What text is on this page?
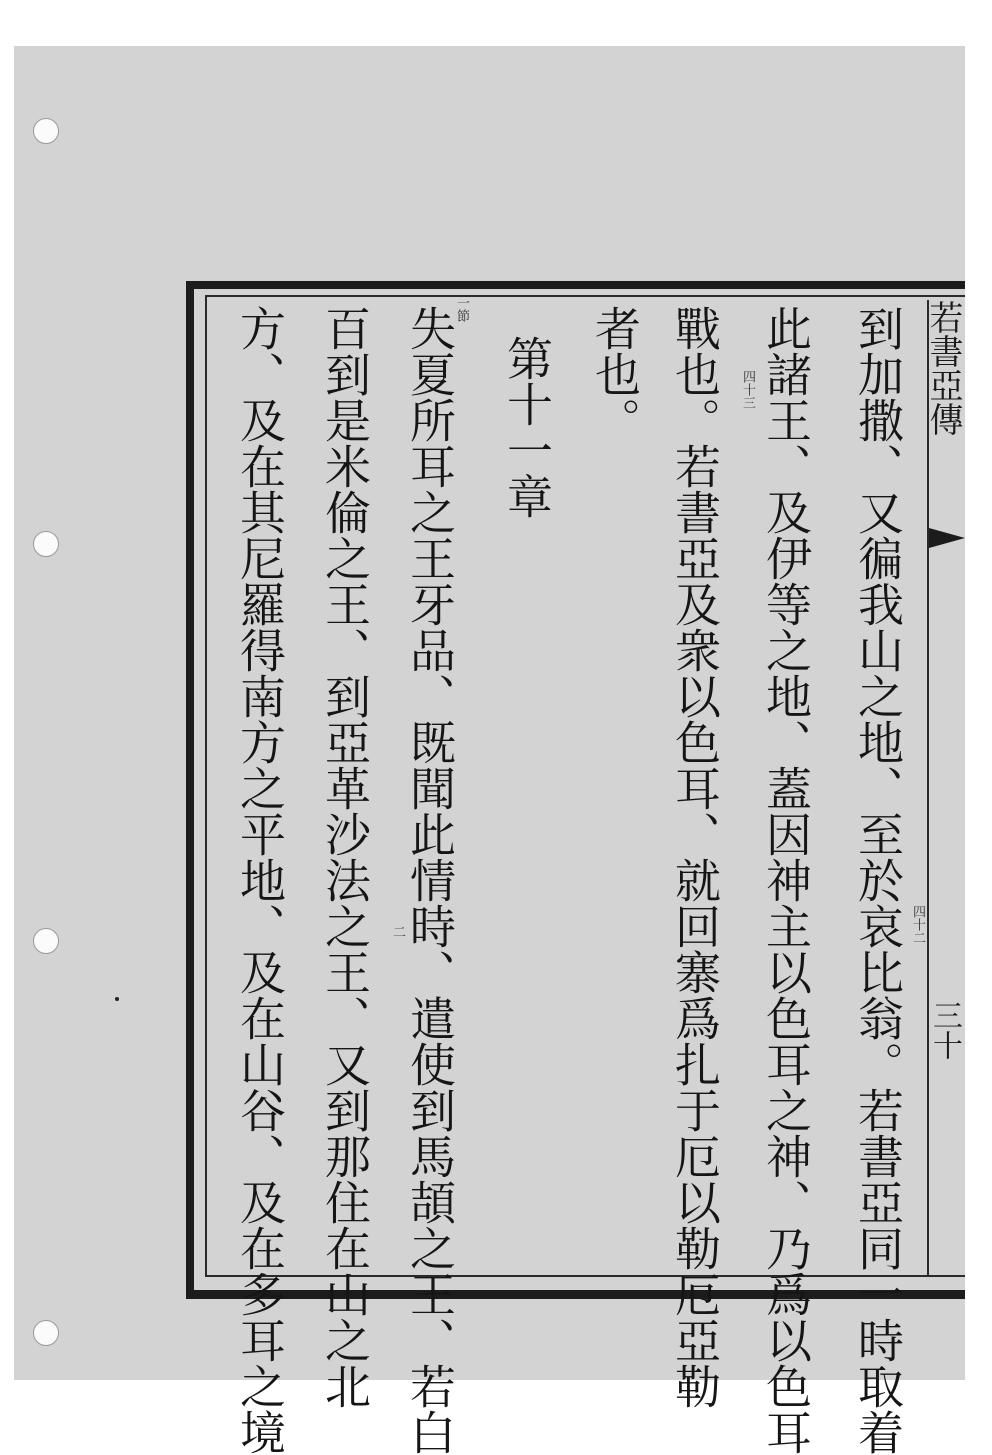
若書亞傳
三十
到加撒、又徧我山之地、至於哀比翁。若書亞同一時取着
此諸王、及伊等之地、蓋因神主以色耳之神、乃爲以色耳
戰也。若書亞及衆以色耳、就回寨爲扎于厄以勒厄亞勒
者也。
第十一章
失夏所耳之王牙品、既聞此情時、遣使到馬頡之王、若白
百到是米倫之王、到亞革沙法之王、又到那住在山之北
方、及在其尼羅得南方之平地、及在山谷、及在多耳之境	一節
四十三
四十二
二
